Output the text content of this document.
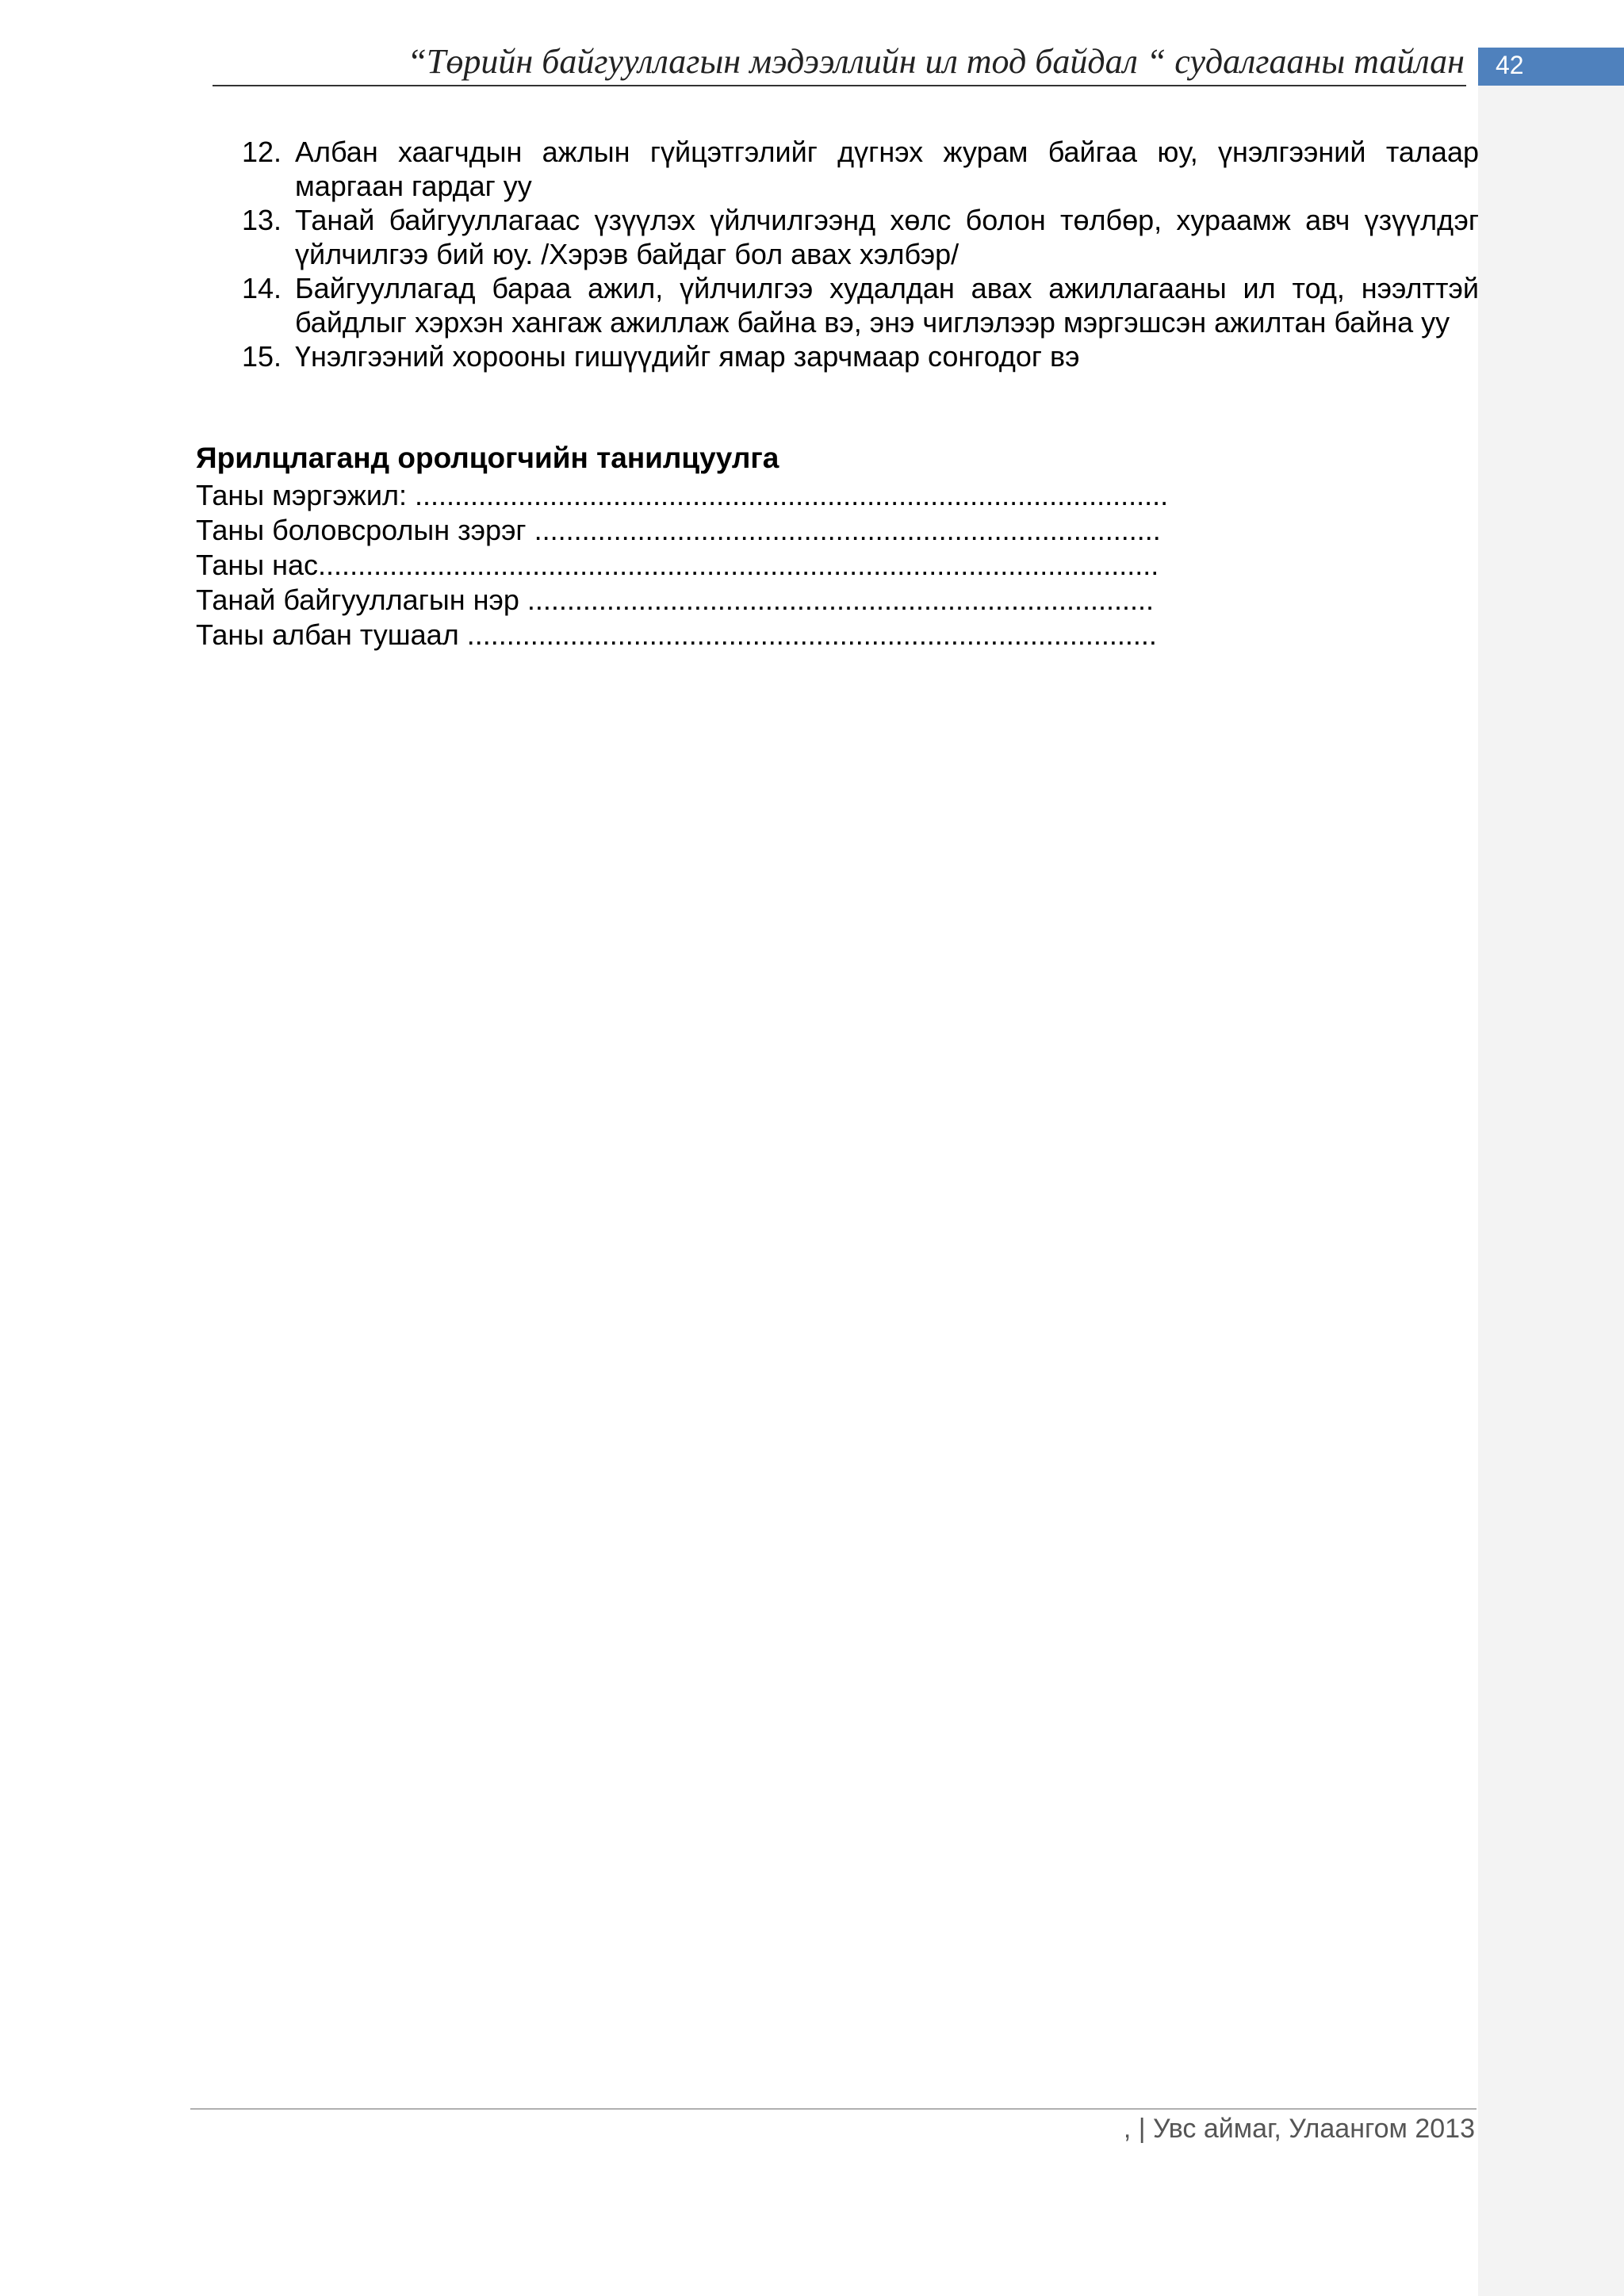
“Төрийн байгууллагын мэдээллийн ил тод байдал “ судалгааны тайлан 42
12. Албан хаагчдын ажлын гүйцэтгэлийг дүгнэх журам байгаа юу, үнэлгээний талаар маргаан гардаг уу
13. Танай байгууллагаас үзүүлэх үйлчилгээнд хөлс болон төлбөр, хураамж авч үзүүлдэг үйлчилгээ бий юу. /Хэрэв байдаг бол авах хэлбэр/
14. Байгууллагад бараа ажил, үйлчилгээ худалдан авах ажиллагааны ил тод, нээлттэй байдлыг хэрхэн хангаж ажиллаж байна вэ, энэ чиглэлээр мэргэшсэн ажилтан байна уу
15. Үнэлгээний хорооны гишүүдийг ямар зарчмаар сонгодог вэ
Ярилцлаганд оролцогчийн танилцуулга
Таны мэргэжил: ...............................................................................................
Таны боловсролын зэрэг ...............................................................................
Таны нас..........................................................................................................
Танай байгууллагын нэр ...............................................................................
Таны албан тушаал .......................................................................................
, | Увс аймаг, Улаангом 2013
